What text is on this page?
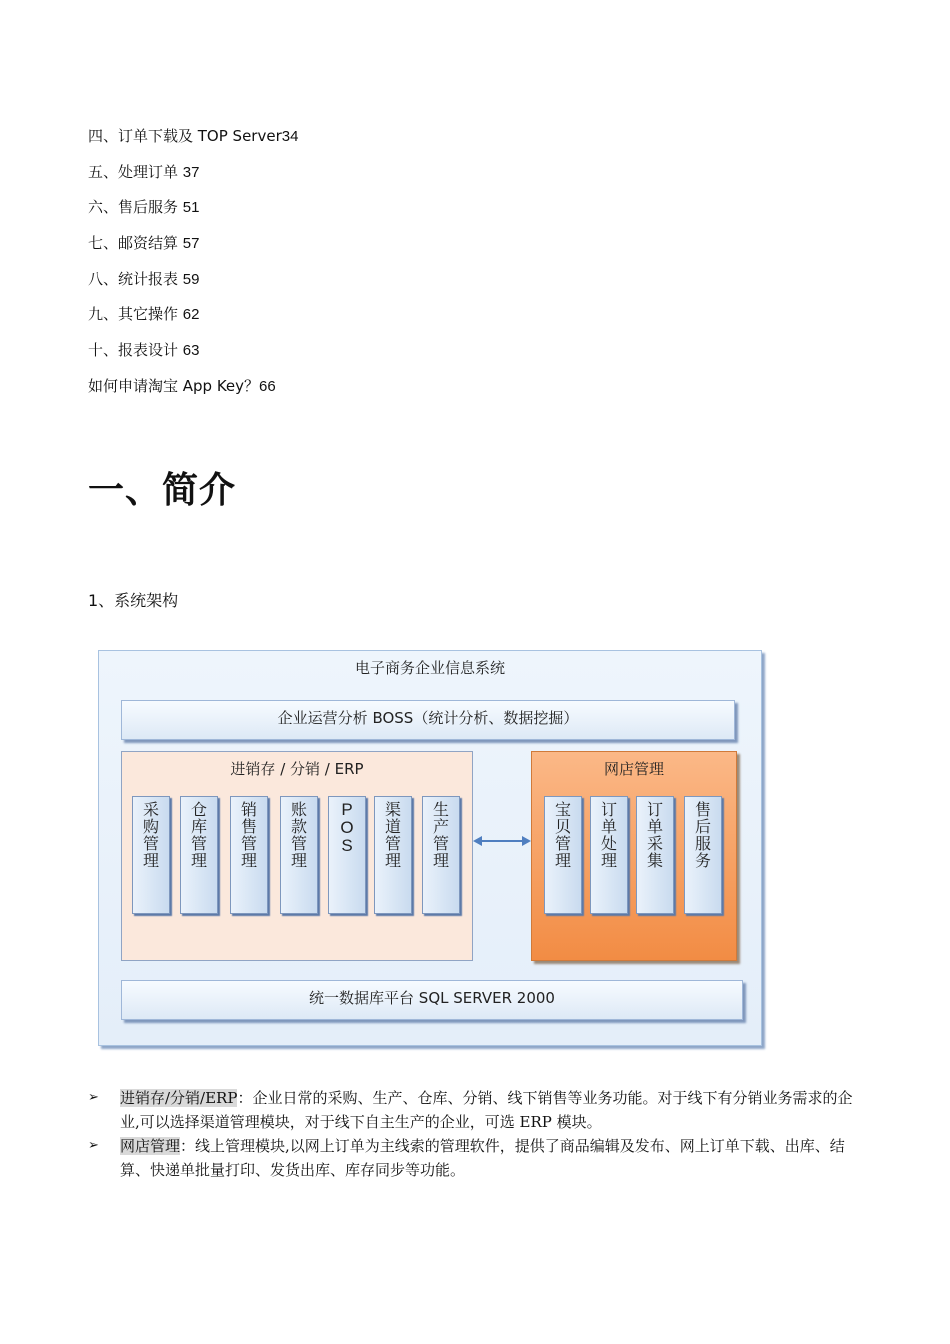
四、订单下载及 TOP Server34
五、处理订单 37
六、售后服务 51
七、邮资结算 57
八、统计报表 59
九、其它操作 62
十、报表设计 63
如何申请淘宝 App Key？66
一、简介
1、系统架构
电子商务企业信息系统
企业运营分析 BOSS（统计分析、数据挖掘）
进销存 / 分销 / ERP
采
购
管
理
仓
库
管
理
销
售
管
理
账
款
管
理
P
O
S
渠
道
管
理
生
产
管
理
网店管理
宝
贝
管
理
订
单
处
理
订
单
采
集
售
后
服
务
统一数据库平台 SQL SERVER 2000
➢ 进销存/分销/ERP：企业日常的采购、生产、仓库、分销、线下销售等业务功能。对于线下有分销业务需求的企业,可以选择渠道管理模块，对于线下自主生产的企业，可选 ERP 模块。
➢ 网店管理：线上管理模块,以网上订单为主线索的管理软件，提供了商品编辑及发布、网上订单下载、出库、结算、快递单批量打印、发货出库、库存同步等功能。
